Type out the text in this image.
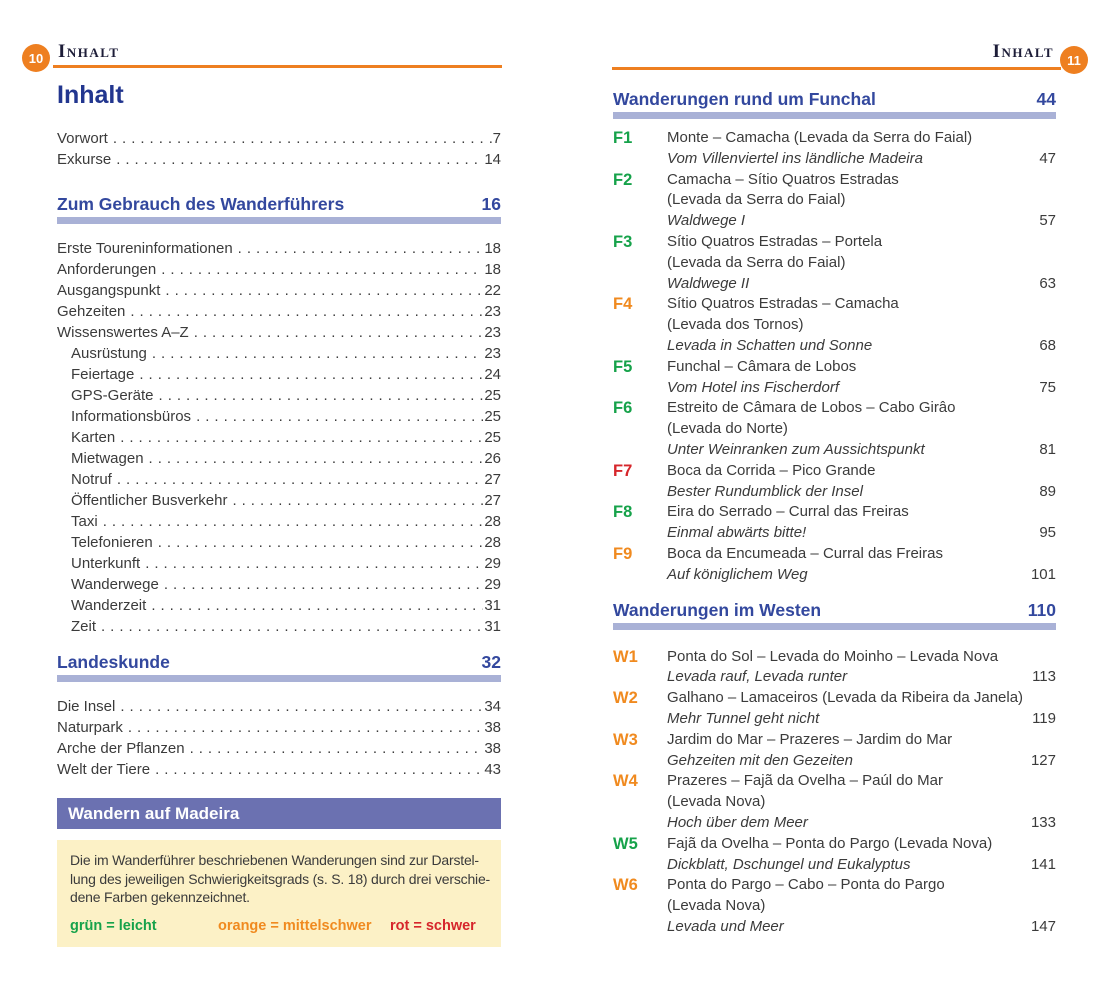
10 Inhalt	11
Inhalt
Inhalt
Vorwort .....	7
Exkurse .....	14
Zum Gebrauch des Wanderführers	16
Erste Toureninformationen .....	18
Anforderungen .....	18
Ausgangspunkt .....	22
Gehzeiten .....	23
Wissenswertes A–Z .....	23
Ausrüstung .....	23
Feiertage .....	24
GPS-Geräte .....	25
Informationsbüros .....	25
Karten .....	25
Mietwagen .....	26
Notruf .....	27
Öffentlicher Busverkehr .....	27
Taxi .....	28
Telefonieren .....	28
Unterkunft .....	29
Wanderwege .....	29
Wanderzeit .....	31
Zeit .....	31
Landeskunde	32
Die Insel .....	34
Naturpark .....	38
Arche der Pflanzen .....	38
Welt der Tiere .....	43
Wandern auf Madeira
Die im Wanderführer beschriebenen Wanderungen sind zur Darstel-
lung des jeweiligen Schwierigkeitsgrads (s. S. 18) durch drei verschie-
dene Farben gekennzeichnet.
grün = leicht	orange = mittelschwer	rot = schwer
Wanderungen rund um Funchal	44
F1	Monte – Camacha (Levada da Serra do Faial)
Vom Villenviertel ins ländliche Madeira	47
F2	Camacha – Sítio Quatros Estradas
(Levada da Serra do Faial)
Waldwege I	57
F3	Sítio Quatros Estradas – Portela
(Levada da Serra do Faial)
Waldwege II	63
F4	Sítio Quatros Estradas – Camacha
(Levada dos Tornos)
Levada in Schatten und Sonne	68
F5	Funchal – Câmara de Lobos
Vom Hotel ins Fischerdorf	75
F6	Estreito de Câmara de Lobos – Cabo Girâo
(Levada do Norte)
Unter Weinranken zum Aussichtspunkt	81
F7	Boca da Corrida – Pico Grande
Bester Rundumblick der Insel	89
F8	Eira do Serrado – Curral das Freiras
Einmal abwärts bitte!	95
F9	Boca da Encumeada – Curral das Freiras
Auf königlichem Weg	101
Wanderungen im Westen	110
W1	Ponta do Sol – Levada do Moinho – Levada Nova
Levada rauf, Levada runter	113
W2	Galhano – Lamaceiros (Levada da Ribeira da Janela)
Mehr Tunnel geht nicht	119
W3	Jardim do Mar – Prazeres – Jardim do Mar
Gehzeiten mit den Gezeiten	127
W4	Prazeres – Fajã da Ovelha – Paúl do Mar
(Levada Nova)
Hoch über dem Meer	133
W5	Fajã da Ovelha – Ponta do Pargo (Levada Nova)
Dickblatt, Dschungel und Eukalyptus	141
W6	Ponta do Pargo – Cabo – Ponta do Pargo
(Levada Nova)
Levada und Meer	147
